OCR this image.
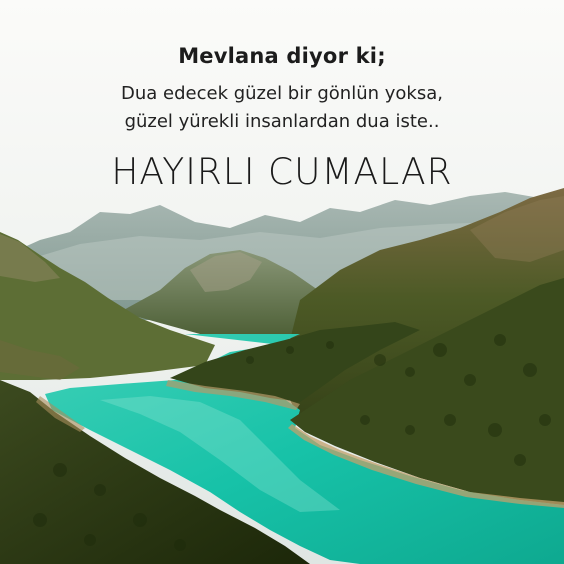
Mevlana diyor ki;
Dua edecek güzel bir gönlün yoksa,
güzel yürekli insanlardan dua iste..
HAYIRLI CUMALAR
